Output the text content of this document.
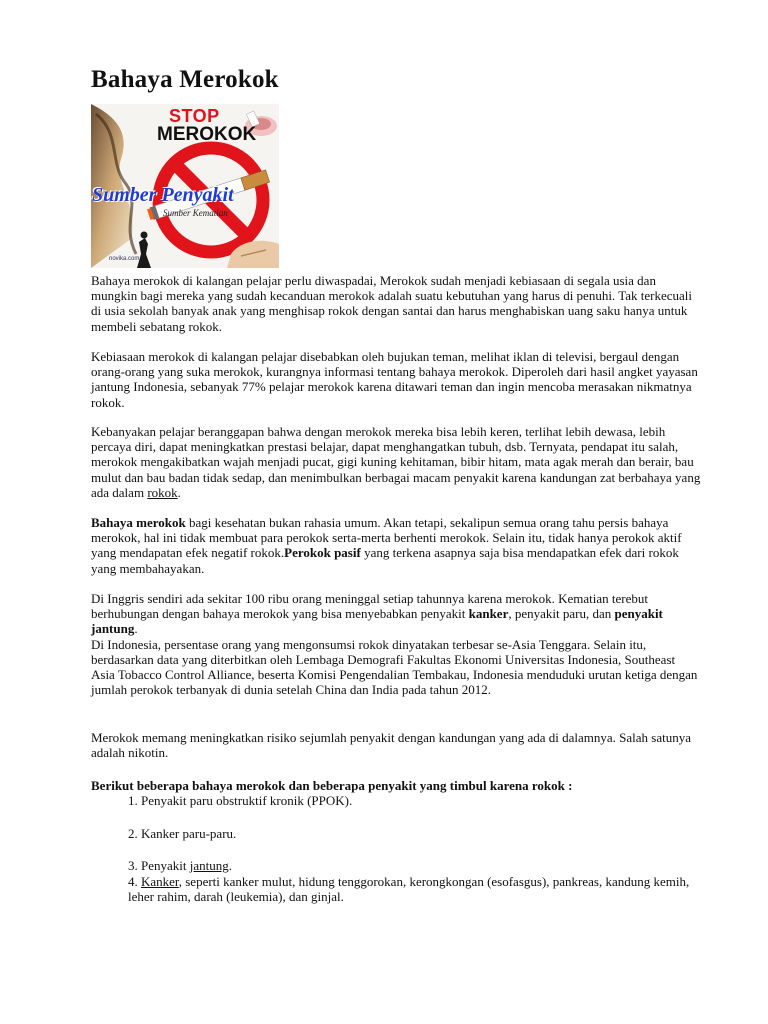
Bahaya Merokok
STOP
MEROKOK
Sumber Penyakit
Sumber Kematian
novika.com

Bahaya merokok di kalangan pelajar perlu diwaspadai, Merokok sudah menjadi kebiasaan di segala usia dan mungkin bagi mereka yang sudah kecanduan merokok adalah suatu kebutuhan yang harus di penuhi. Tak terkecuali di usia sekolah banyak anak yang menghisap rokok dengan santai dan harus menghabiskan uang saku hanya untuk membeli sebatang rokok.

Kebiasaan merokok di kalangan pelajar disebabkan oleh bujukan teman, melihat iklan di televisi, bergaul dengan orang-orang yang suka merokok, kurangnya informasi tentang bahaya merokok. Diperoleh dari hasil angket yayasan jantung Indonesia, sebanyak 77% pelajar merokok karena ditawari teman dan ingin mencoba merasakan nikmatnya rokok.

Kebanyakan pelajar beranggapan bahwa dengan merokok mereka bisa lebih keren, terlihat lebih dewasa, lebih percaya diri, dapat meningkatkan prestasi belajar, dapat menghangatkan tubuh, dsb. Ternyata, pendapat itu salah, merokok mengakibatkan wajah menjadi pucat, gigi kuning kehitaman, bibir hitam, mata agak merah dan berair, bau mulut dan bau badan tidak sedap, dan menimbulkan berbagai macam penyakit karena kandungan zat berbahaya yang ada dalam rokok.

Bahaya merokok bagi kesehatan bukan rahasia umum. Akan tetapi, sekalipun semua orang tahu persis bahaya merokok, hal ini tidak membuat para perokok serta-merta berhenti merokok. Selain itu, tidak hanya perokok aktif yang mendapatan efek negatif rokok.Perokok pasif yang terkena asapnya saja bisa mendapatkan efek dari rokok yang membahayakan.

Di Inggris sendiri ada sekitar 100 ribu orang meninggal setiap tahunnya karena merokok. Kematian terebut berhubungan dengan bahaya merokok yang bisa menyebabkan penyakit kanker, penyakit paru, dan penyakit jantung.
Di Indonesia, persentase orang yang mengonsumsi rokok dinyatakan terbesar se-Asia Tenggara. Selain itu, berdasarkan data yang diterbitkan oleh Lembaga Demografi Fakultas Ekonomi Universitas Indonesia, Southeast Asia Tobacco Control Alliance, beserta Komisi Pengendalian Tembakau, Indonesia menduduki urutan ketiga dengan jumlah perokok terbanyak di dunia setelah China dan India pada tahun 2012.

Merokok memang meningkatkan risiko sejumlah penyakit dengan kandungan yang ada di dalamnya. Salah satunya adalah nikotin.

Berikut beberapa bahaya merokok dan beberapa penyakit yang timbul karena rokok :

1. Penyakit paru obstruktif kronik (PPOK).

2. Kanker paru-paru.

3. Penyakit jantung.

4. Kanker, seperti kanker mulut, hidung tenggorokan, kerongkongan (esofasgus), pankreas, kandung kemih, leher rahim, darah (leukemia), dan ginjal.
